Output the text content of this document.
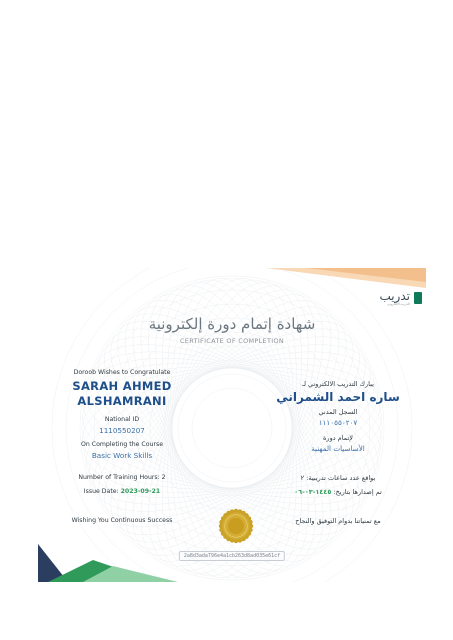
تدريب
التدريب الالكتروني
شهادة إتمام دورة إلكترونية
CERTIFICATE OF COMPLETION
Doroob Wishes to Congratulate
SARAH AHMED
ALSHAMRANI
National ID
1110550207
On Completing the Course
Basic Work Skills
Number of Training Hours: 2
Issue Date: 2023-09-21
Wishing You Continuous Success
يبارك التدريب الالكتروني لـ
ساره احمد الشمراني
السجل المدني
١١١٠٥٥٠٢٠٧
لإتمام دورة
الأساسيات المهنية
بواقع عدد ساعات تدريبية: ٢
تم إصدارها بتاريخ: ١٤٤٥-٠٣-٠٦
مع تمنياتنا بدوام التوفيق والنجاح
2a8d3ada796e4a1cb263d8ad035e61cf
